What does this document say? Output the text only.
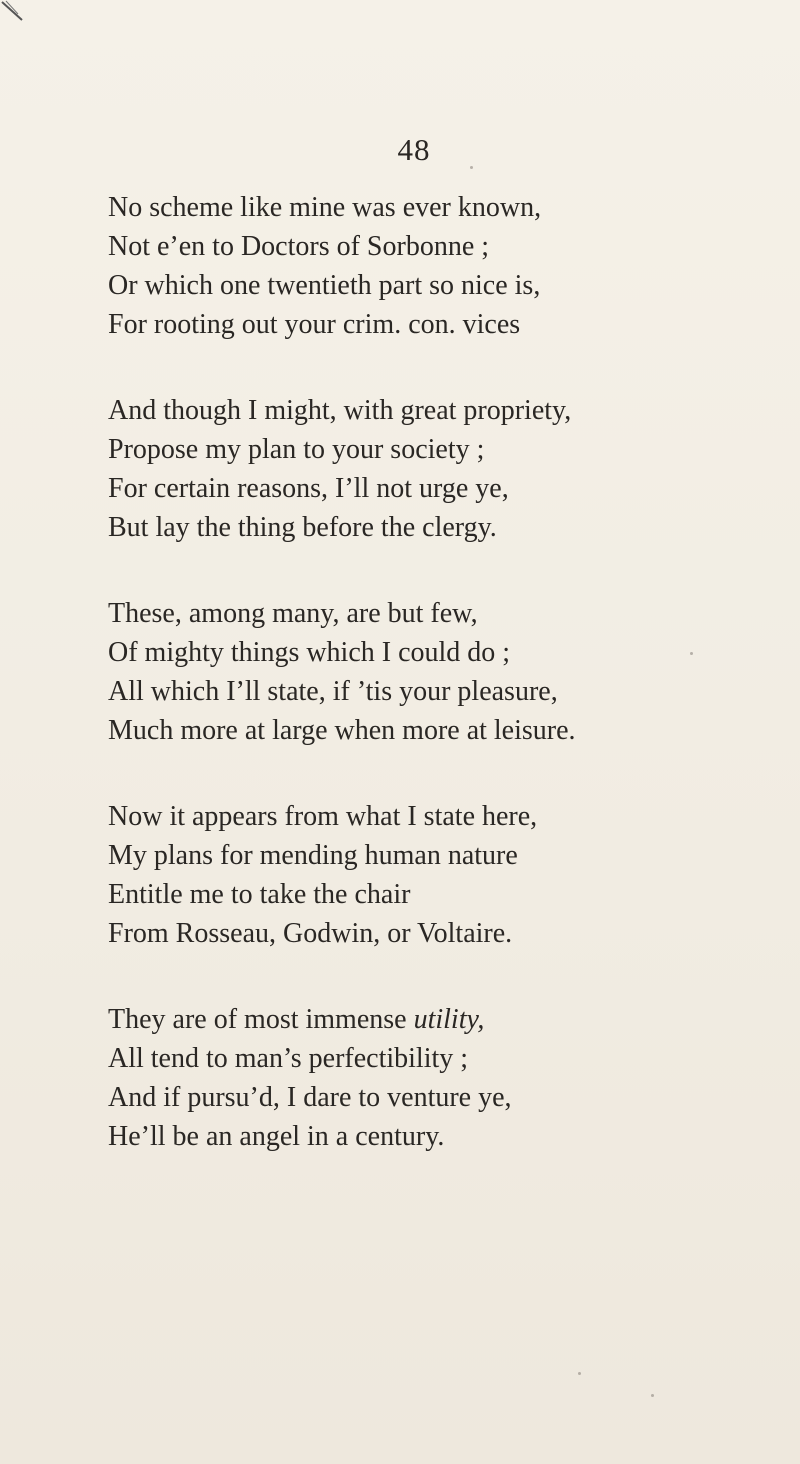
48
No scheme like mine was ever known,
Not e’en to Doctors of Sorbonne ;
Or which one twentieth part so nice is,
For rooting out your crim. con. vices
And though I might, with great propriety,
Propose my plan to your society ;
For certain reasons, I’ll not urge ye,
But lay the thing before the clergy.
These, among many, are but few,
Of mighty things which I could do ;
All which I’ll state, if ’tis your pleasure,
Much more at large when more at leisure.
Now it appears from what I state here,
My plans for mending human nature
Entitle me to take the chair
From Rosseau, Godwin, or Voltaire.
They are of most immense utility,
All tend to man’s perfectibility ;
And if pursu’d, I dare to venture ye,
He’ll be an angel in a century.
